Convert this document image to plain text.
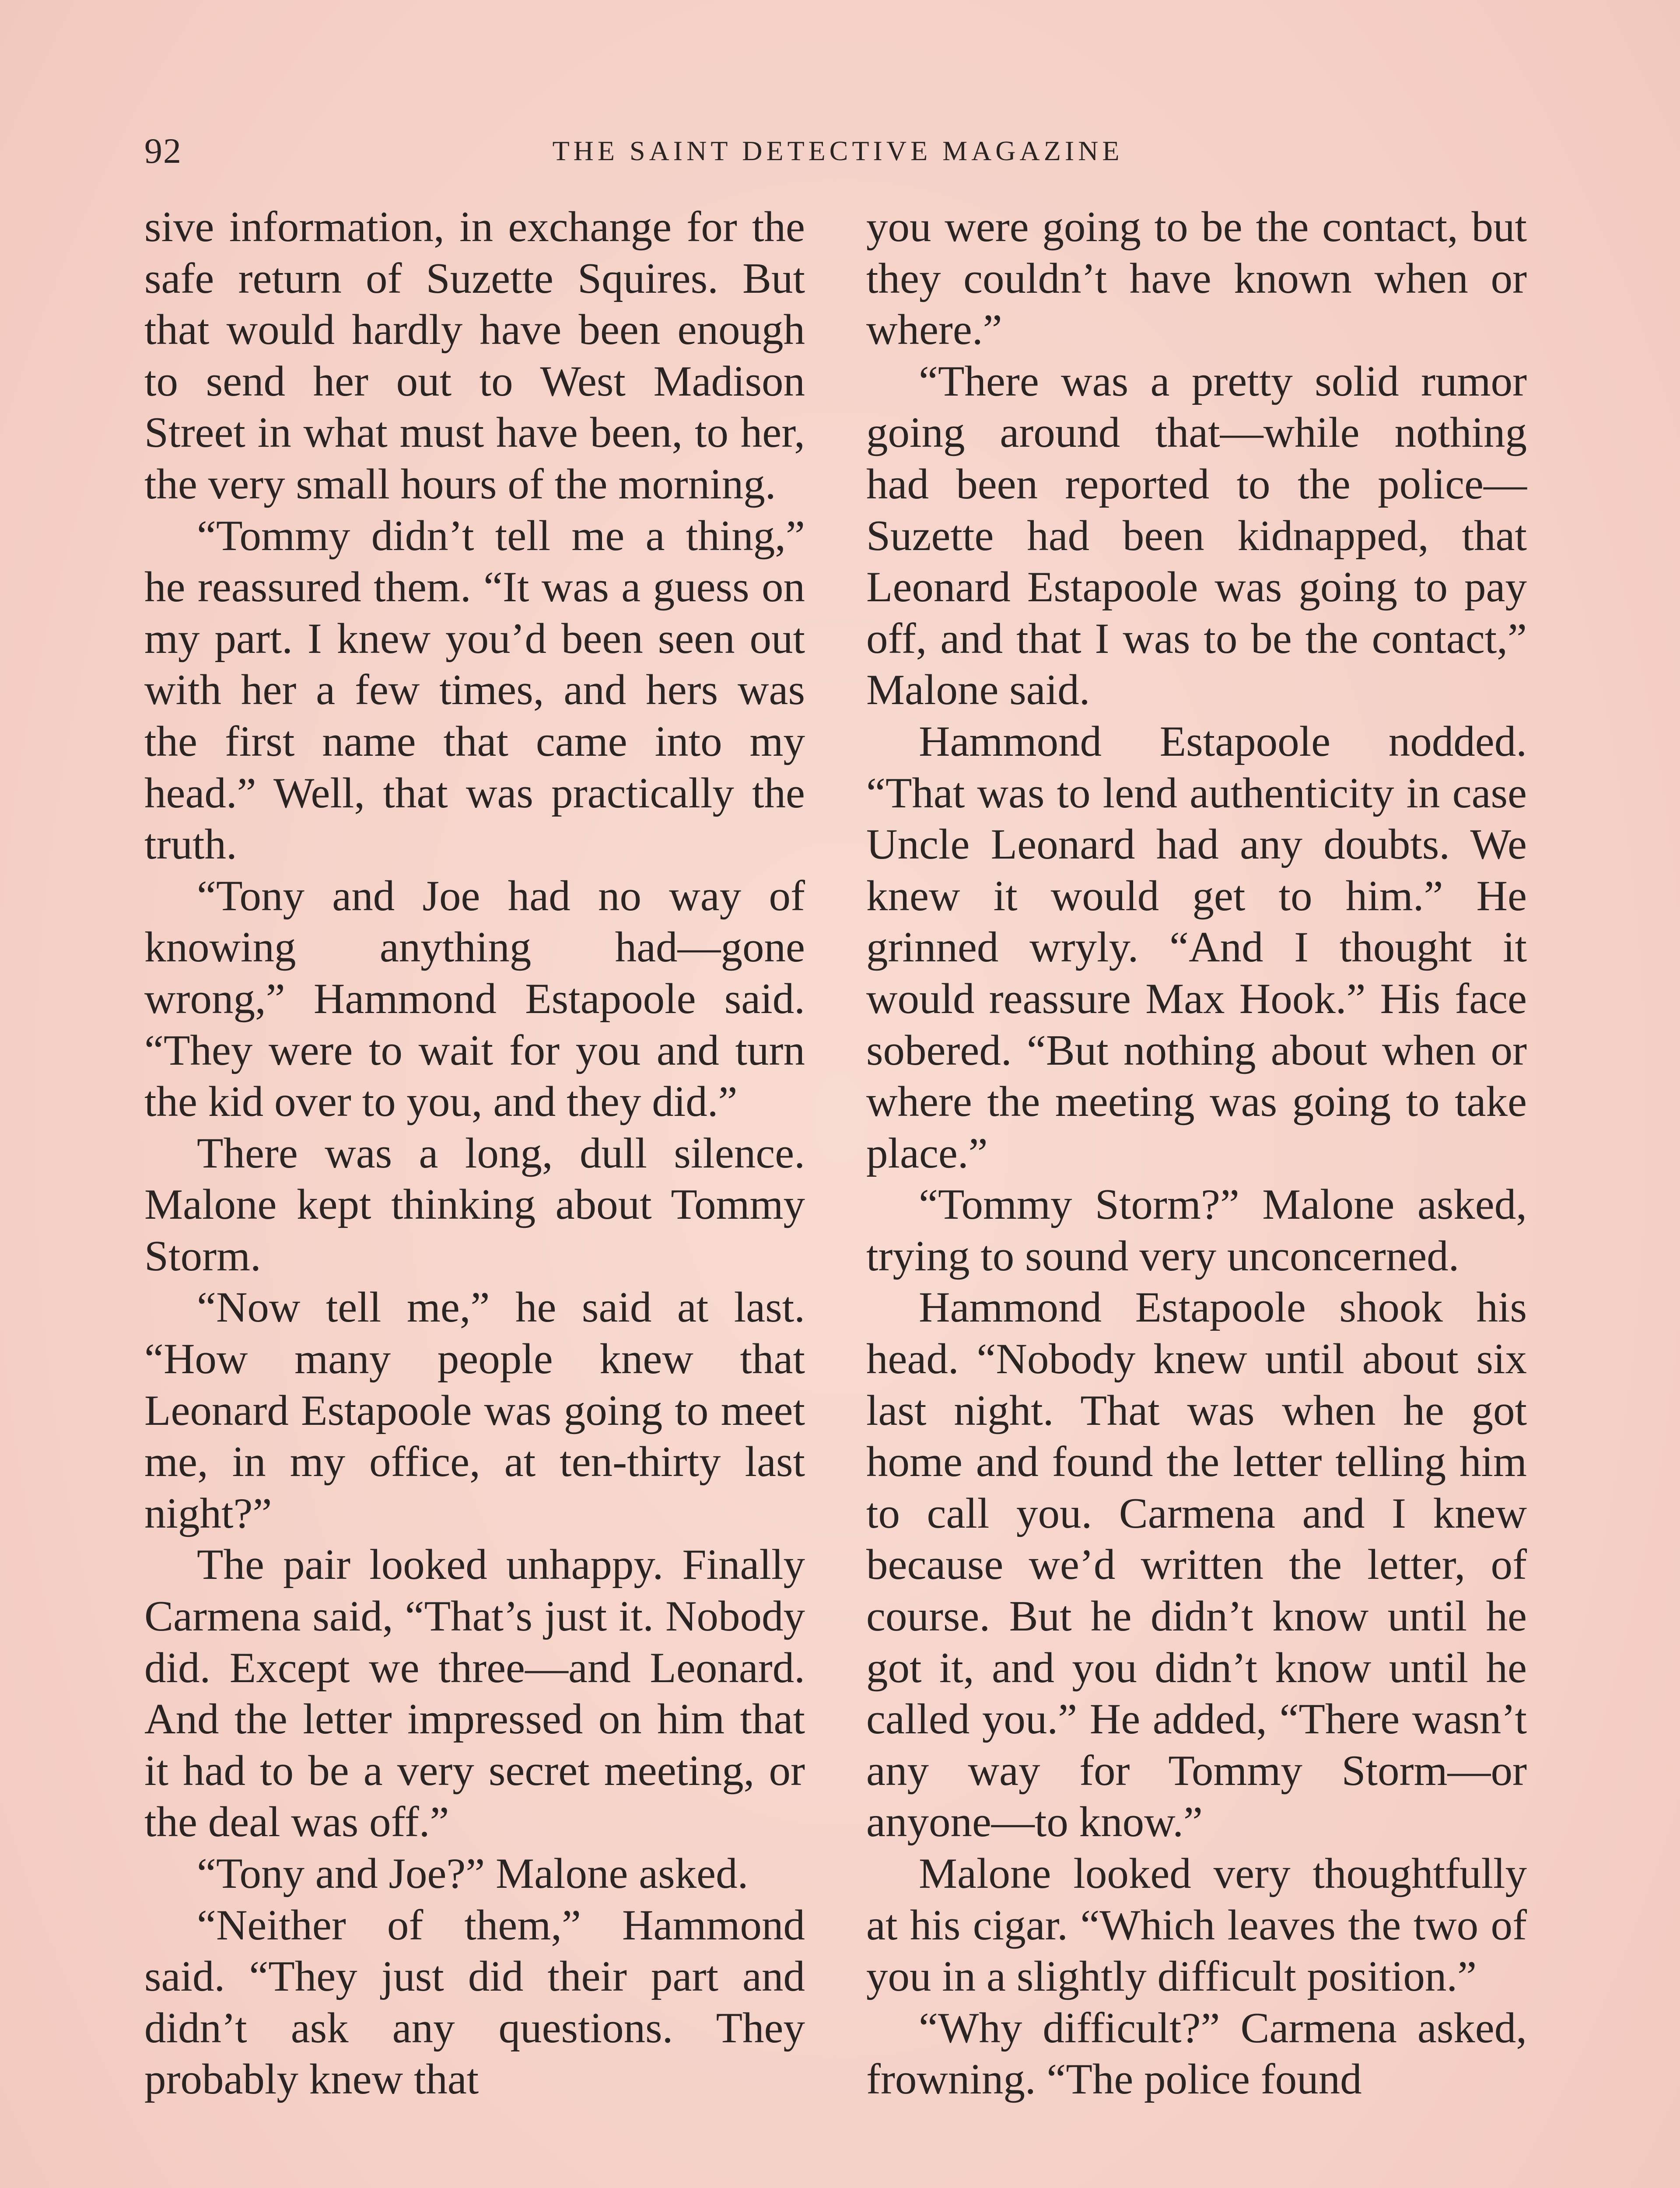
92	THE SAINT DETECTIVE MAGAZINE

sive information, in exchange for the safe return of Suzette Squires. But that would hardly have been enough to send her out to West Madison Street in what must have been, to her, the very small hours of the morning.

“Tommy didn’t tell me a thing,” he reassured them. “It was a guess on my part. I knew you’d been seen out with her a few times, and hers was the first name that came into my head.” Well, that was practically the truth.

“Tony and Joe had no way of knowing anything had—gone wrong,” Hammond Estapoole said. “They were to wait for you and turn the kid over to you, and they did.”

There was a long, dull silence. Malone kept thinking about Tommy Storm.

“Now tell me,” he said at last. “How many people knew that Leonard Estapoole was going to meet me, in my office, at ten-thirty last night?”

The pair looked unhappy. Finally Carmena said, “That’s just it. Nobody did. Except we three—and Leonard. And the letter impressed on him that it had to be a very secret meeting, or the deal was off.”

“Tony and Joe?” Malone asked.

“Neither of them,” Hammond said. “They just did their part and didn’t ask any questions. They probably knew that

you were going to be the contact, but they couldn’t have known when or where.”

“There was a pretty solid rumor going around that—while nothing had been reported to the police—Suzette had been kidnapped, that Leonard Estapoole was going to pay off, and that I was to be the contact,” Malone said.

Hammond Estapoole nodded. “That was to lend authenticity in case Uncle Leonard had any doubts. We knew it would get to him.” He grinned wryly. “And I thought it would reassure Max Hook.” His face sobered. “But nothing about when or where the meeting was going to take place.”

“Tommy Storm?” Malone asked, trying to sound very unconcerned.

Hammond Estapoole shook his head. “Nobody knew until about six last night. That was when he got home and found the letter telling him to call you. Carmena and I knew because we’d written the letter, of course. But he didn’t know until he got it, and you didn’t know until he called you.” He added, “There wasn’t any way for Tommy Storm—or anyone—to know.”

Malone looked very thoughtfully at his cigar. “Which leaves the two of you in a slightly difficult position.”

“Why difficult?” Carmena asked, frowning. “The police found
